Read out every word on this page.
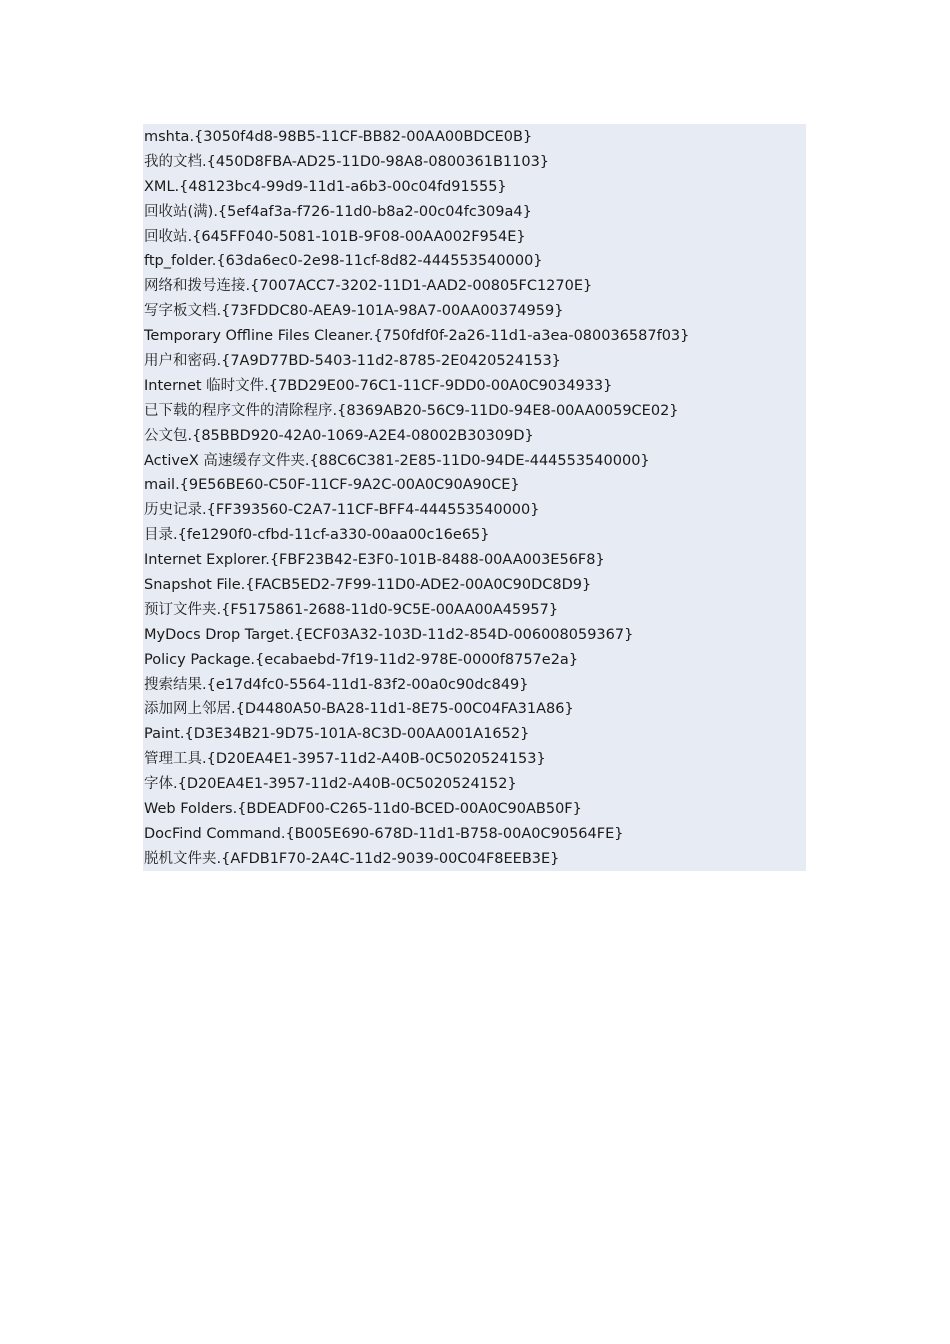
mshta.{3050f4d8-98B5-11CF-BB82-00AA00BDCE0B}
我的文档.{450D8FBA-AD25-11D0-98A8-0800361B1103}
XML.{48123bc4-99d9-11d1-a6b3-00c04fd91555}
回收站(满).{5ef4af3a-f726-11d0-b8a2-00c04fc309a4}
回收站.{645FF040-5081-101B-9F08-00AA002F954E}
ftp_folder.{63da6ec0-2e98-11cf-8d82-444553540000}
网络和拨号连接.{7007ACC7-3202-11D1-AAD2-00805FC1270E}
写字板文档.{73FDDC80-AEA9-101A-98A7-00AA00374959}
Temporary Offline Files Cleaner.{750fdf0f-2a26-11d1-a3ea-080036587f03}
用户和密码.{7A9D77BD-5403-11d2-8785-2E0420524153}
Internet 临时文件.{7BD29E00-76C1-11CF-9DD0-00A0C9034933}
已下载的程序文件的清除程序.{8369AB20-56C9-11D0-94E8-00AA0059CE02}
公文包.{85BBD920-42A0-1069-A2E4-08002B30309D}
ActiveX 高速缓存文件夹.{88C6C381-2E85-11D0-94DE-444553540000}
mail.{9E56BE60-C50F-11CF-9A2C-00A0C90A90CE}
历史记录.{FF393560-C2A7-11CF-BFF4-444553540000}
目录.{fe1290f0-cfbd-11cf-a330-00aa00c16e65}
Internet Explorer.{FBF23B42-E3F0-101B-8488-00AA003E56F8}
Snapshot File.{FACB5ED2-7F99-11D0-ADE2-00A0C90DC8D9}
预订文件夹.{F5175861-2688-11d0-9C5E-00AA00A45957}
MyDocs Drop Target.{ECF03A32-103D-11d2-854D-006008059367}
Policy Package.{ecabaebd-7f19-11d2-978E-0000f8757e2a}
搜索结果.{e17d4fc0-5564-11d1-83f2-00a0c90dc849}
添加网上邻居.{D4480A50-BA28-11d1-8E75-00C04FA31A86}
Paint.{D3E34B21-9D75-101A-8C3D-00AA001A1652}
管理工具.{D20EA4E1-3957-11d2-A40B-0C5020524153}
字体.{D20EA4E1-3957-11d2-A40B-0C5020524152}
Web Folders.{BDEADF00-C265-11d0-BCED-00A0C90AB50F}
DocFind Command.{B005E690-678D-11d1-B758-00A0C90564FE}
脱机文件夹.{AFDB1F70-2A4C-11d2-9039-00C04F8EEB3E}
